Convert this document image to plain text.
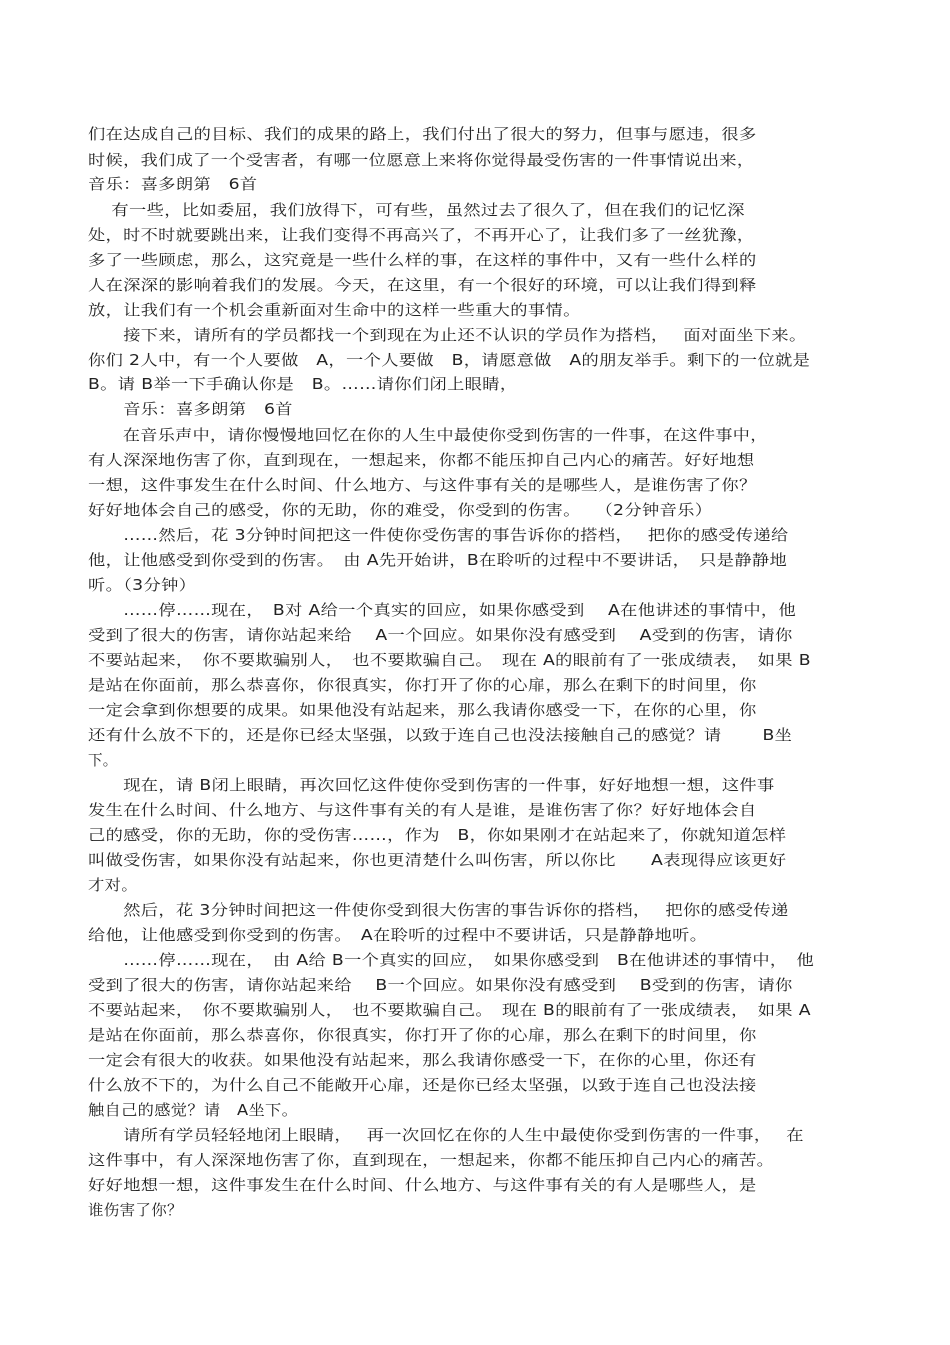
们在达成自己的目标、我们的成果的路上，我们付出了很大的努力，但事与愿违，很多
时候，我们成了一个受害者，有哪一位愿意上来将你觉得最受伤害的一件事情说出来，
音乐：喜多朗第　6首
　 有一些，比如委屈，我们放得下，可有些，虽然过去了很久了，但在我们的记忆深
处，时不时就要跳出来，让我们变得不再高兴了，不再开心了，让我们多了一丝犹豫，
多了一些顾虑，那么，这究竟是一些什么样的事，在这样的事件中，又有一些什么样的
人在深深的影响着我们的发展。今天，在这里，有一个很好的环境，可以让我们得到释
放，让我们有一个机会重新面对生命中的这样一些重大的事情。
　　接下来，请所有的学员都找一个到现在为止还不认识的学员作为搭档，　 面对面坐下来。
你们 2人中，有一个人要做　A，一个人要做　B，请愿意做　A的朋友举手。剩下的一位就是
B。请 B举一下手确认你是　B。……请你们闭上眼睛，
　　音乐：喜多朗第　6首
　　在音乐声中，请你慢慢地回忆在你的人生中最使你受到伤害的一件事，在这件事中，
有人深深地伤害了你，直到现在，一想起来，你都不能压抑自己内心的痛苦。好好地想
一想，这件事发生在什么时间、什么地方、与这件事有关的是哪些人，是谁伤害了你？
好好地体会自己的感受，你的无助，你的难受，你受到的伤害。　 （2分钟音乐）
　　……然后，花 3分钟时间把这一件使你受伤害的事告诉你的搭档，　 把你的感受传递给
他，让他感受到你受到的伤害。　由 A先开始讲，B在聆听的过程中不要讲话，　只是静静地
听。（3分钟）
　　……停……现在，　B对 A给一个真实的回应，如果你感受到　 A在他讲述的事情中，他
受到了很大的伤害，请你站起来给　 A一个回应。如果你没有感受到　 A受到的伤害，请你
不要站起来，　你不要欺骗别人，　也不要欺骗自己。　现在 A的眼前有了一张成绩表，　如果 B
是站在你面前，那么恭喜你，你很真实，你打开了你的心扉，那么在剩下的时间里，你
一定会拿到你想要的成果。如果他没有站起来，那么我请你感受一下，在你的心里，你
还有什么放不下的，还是你已经太坚强，以致于连自己也没法接触自己的感觉？请　　 B坐
下。
　　现在，请 B闭上眼睛，再次回忆这件使你受到伤害的一件事，好好地想一想，这件事
发生在什么时间、什么地方、与这件事有关的有人是谁，是谁伤害了你？好好地体会自
己的感受，你的无助，你的受伤害……，作为　B，你如果刚才在站起来了，你就知道怎样
叫做受伤害，如果你没有站起来，你也更清楚什么叫伤害，所以你比　　A表现得应该更好
才对。
　　然后，花 3分钟时间把这一件使你受到很大伤害的事告诉你的搭档，　 把你的感受传递
给他，让他感受到你受到的伤害。　A在聆听的过程中不要讲话，只是静静地听。
　　……停……现在，　由 A给 B一个真实的回应，　如果你感受到　B在他讲述的事情中，　他
受到了很大的伤害，请你站起来给　 B一个回应。如果你没有感受到　 B受到的伤害，请你
不要站起来，　你不要欺骗别人，　也不要欺骗自己。　现在 B的眼前有了一张成绩表，　如果 A
是站在你面前，那么恭喜你，你很真实，你打开了你的心扉，那么在剩下的时间里，你
一定会有很大的收获。如果他没有站起来，那么我请你感受一下，在你的心里，你还有
什么放不下的，为什么自己不能敞开心扉，还是你已经太坚强，以致于连自己也没法接
触自己的感觉？请　A坐下。
　　请所有学员轻轻地闭上眼睛，　 再一次回忆在你的人生中最使你受到伤害的一件事，　 在
这件事中，有人深深地伤害了你，直到现在，一想起来，你都不能压抑自己内心的痛苦。
好好地想一想，这件事发生在什么时间、什么地方、与这件事有关的有人是哪些人，是
谁伤害了你？
